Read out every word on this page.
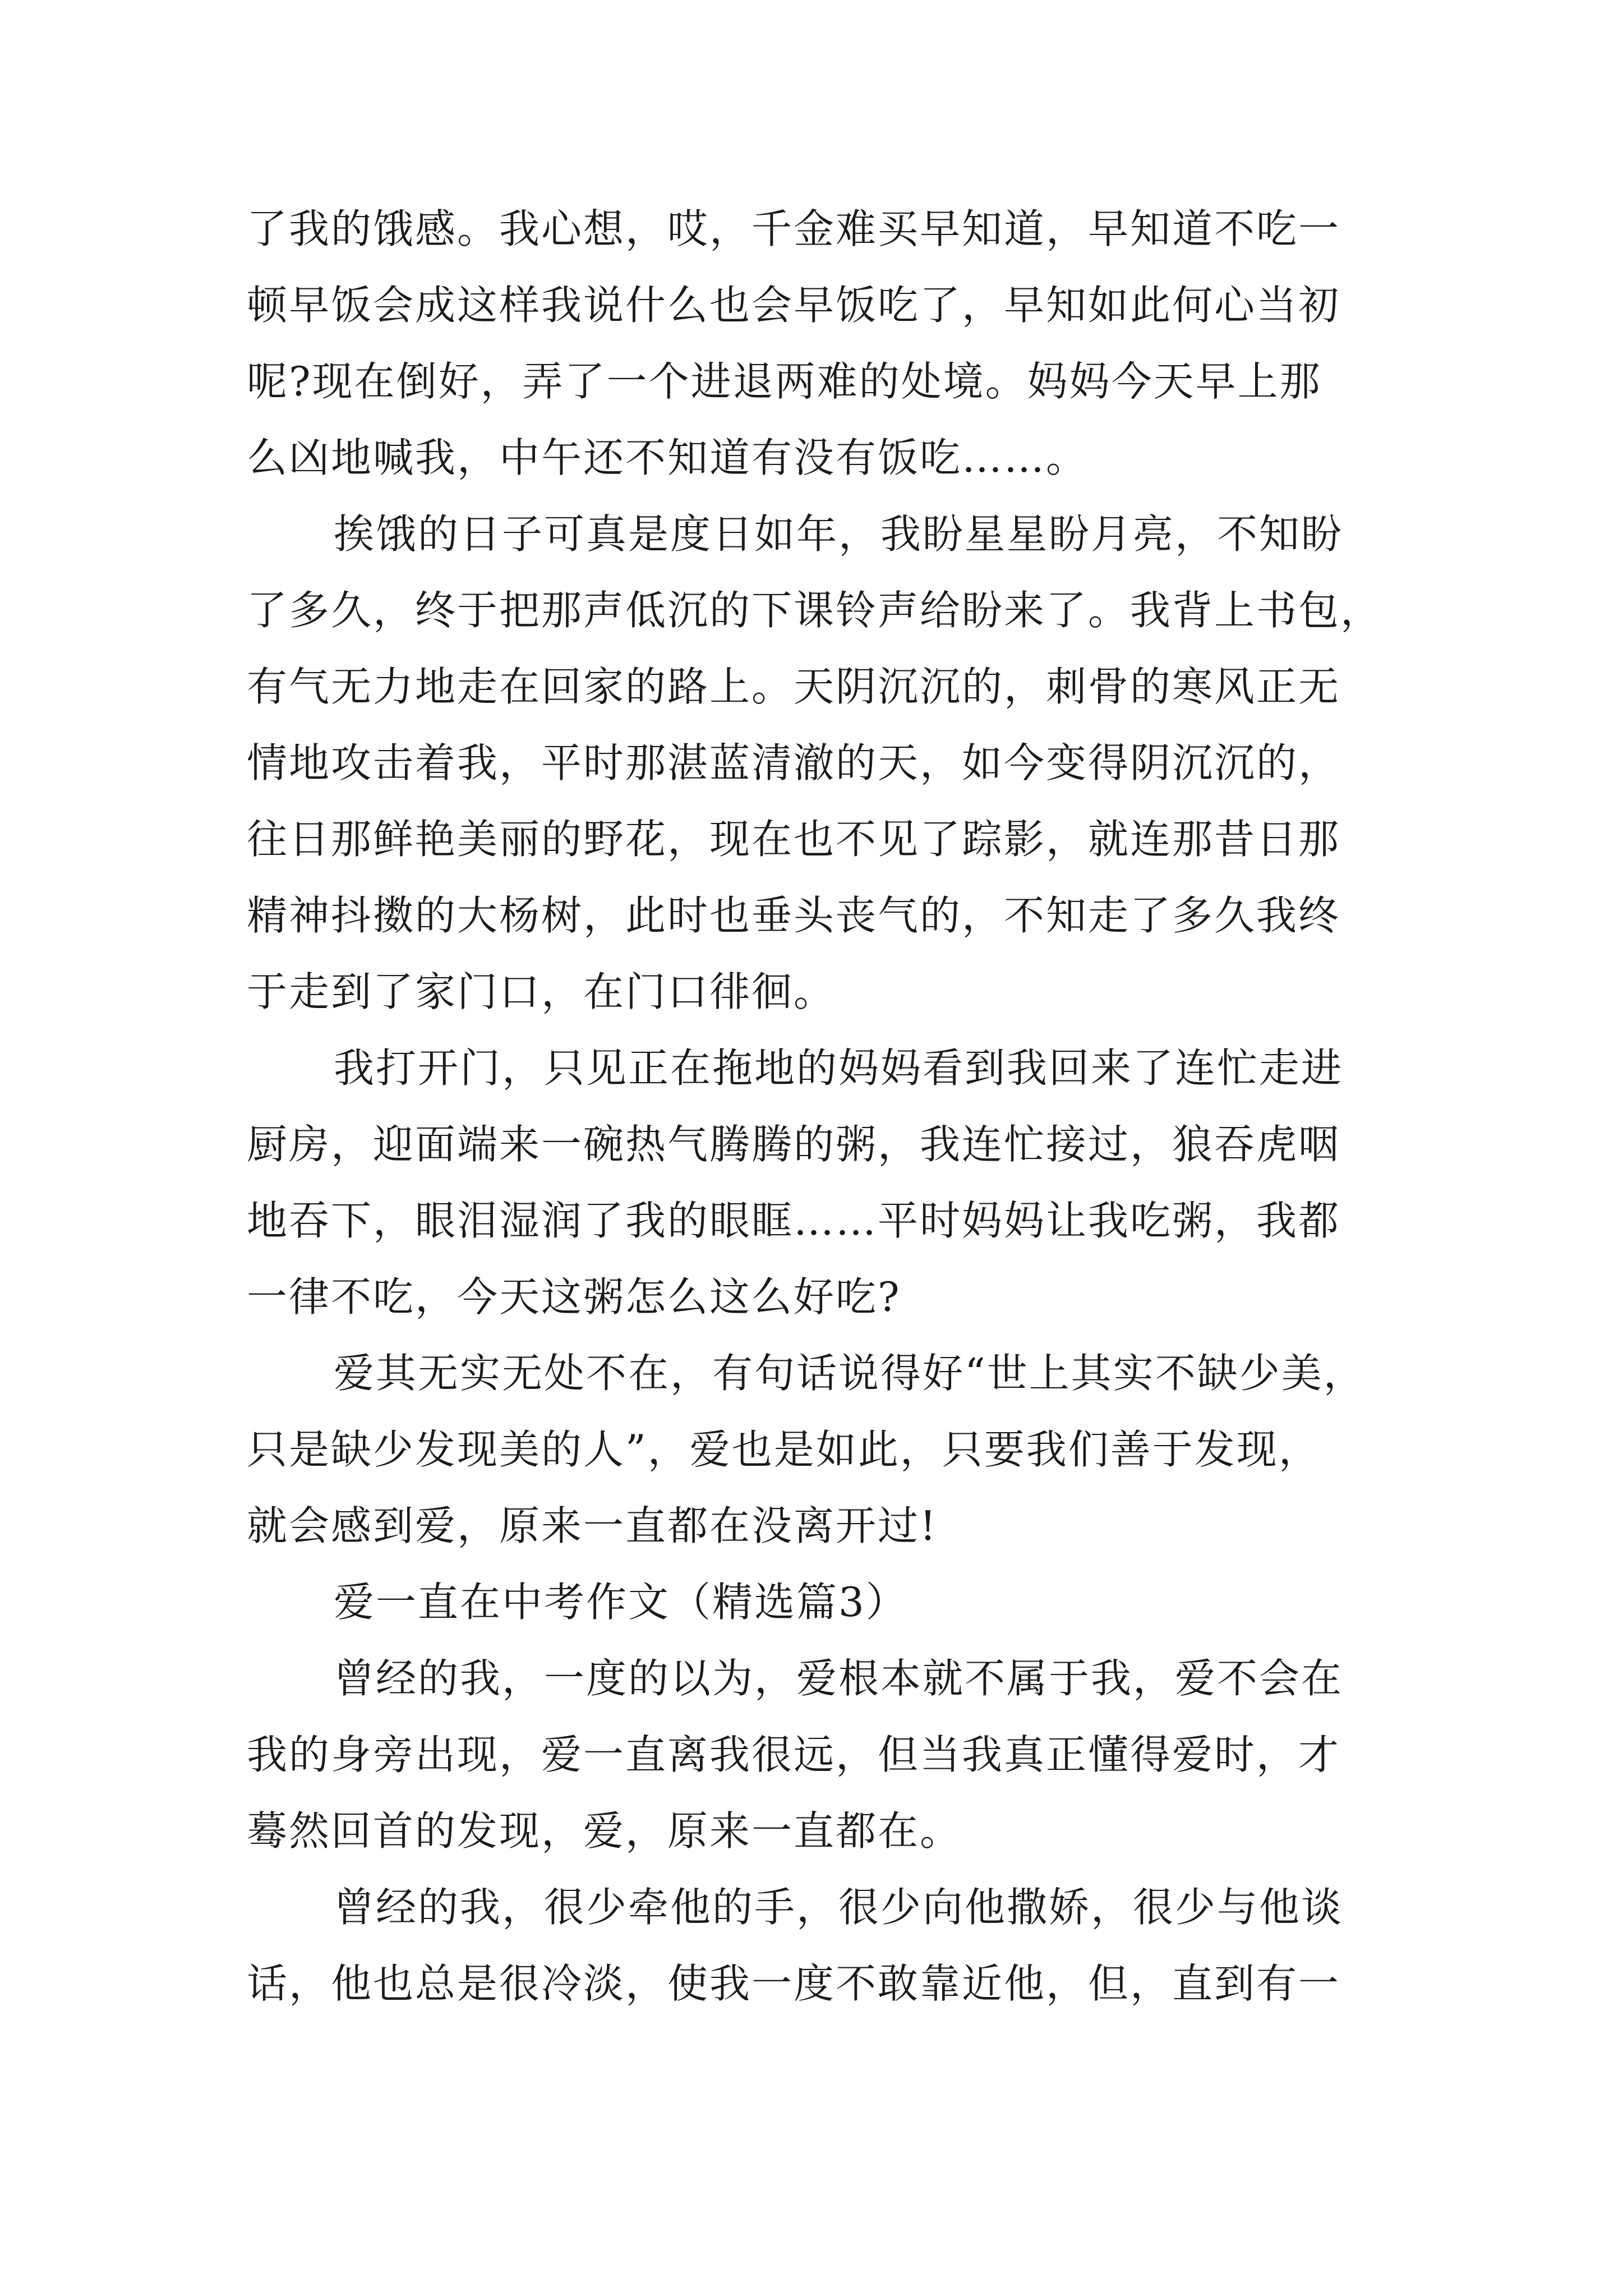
了我的饿感。我心想，哎，千金难买早知道，早知道不吃一
顿早饭会成这样我说什么也会早饭吃了，早知如此何心当初
呢?现在倒好，弄了一个进退两难的处境。妈妈今天早上那
么凶地喊我，中午还不知道有没有饭吃……。
挨饿的日子可真是度日如年，我盼星星盼月亮，不知盼
了多久，终于把那声低沉的下课铃声给盼来了。我背上书包，
有气无力地走在回家的路上。天阴沉沉的，刺骨的寒风正无
情地攻击着我，平时那湛蓝清澈的天，如今变得阴沉沉的，
往日那鲜艳美丽的野花，现在也不见了踪影，就连那昔日那
精神抖擞的大杨树，此时也垂头丧气的，不知走了多久我终
于走到了家门口，在门口徘徊。
我打开门，只见正在拖地的妈妈看到我回来了连忙走进
厨房，迎面端来一碗热气腾腾的粥，我连忙接过，狼吞虎咽
地吞下，眼泪湿润了我的眼眶……平时妈妈让我吃粥，我都
一律不吃，今天这粥怎么这么好吃?
爱其无实无处不在，有句话说得好“世上其实不缺少美，
只是缺少发现美的人”，爱也是如此，只要我们善于发现，
就会感到爱，原来一直都在没离开过!
爱一直在中考作文（精选篇3）
曾经的我，一度的以为，爱根本就不属于我，爱不会在
我的身旁出现，爱一直离我很远，但当我真正懂得爱时，才
蓦然回首的发现，爱，原来一直都在。
曾经的我，很少牵他的手，很少向他撒娇，很少与他谈
话，他也总是很冷淡，使我一度不敢靠近他，但，直到有一
